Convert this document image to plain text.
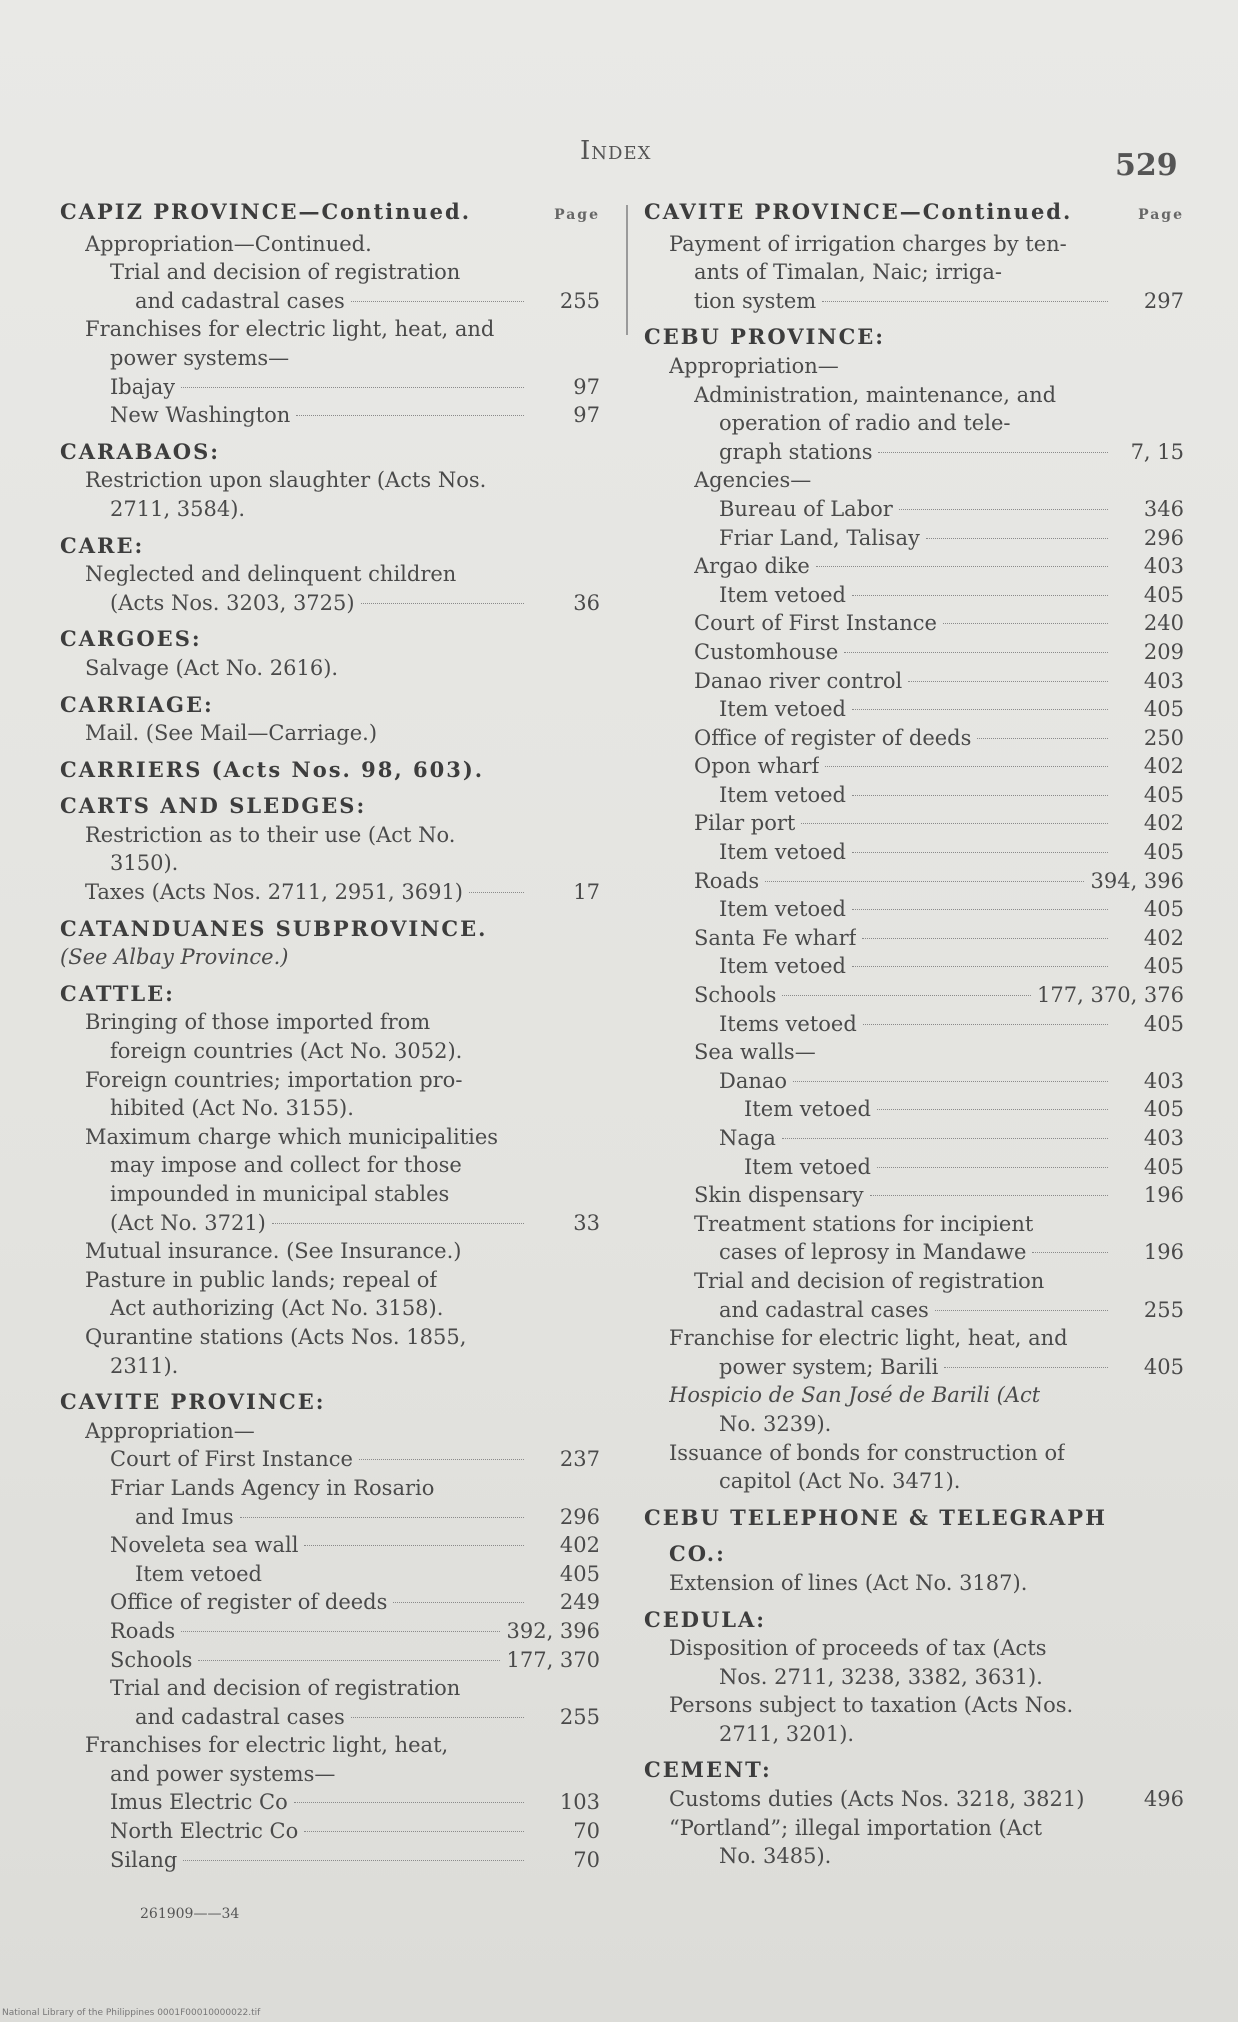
Index	529
CAPIZ PROVINCE—Continued.	Page
Appropriation—Continued.
Trial and decision of registration
and cadastral cases	255
Franchises for electric light, heat, and
power systems—
Ibajay	97
New Washington	97
CARABAOS:
Restriction upon slaughter (Acts Nos.
2711, 3584).
CARE:
Neglected and delinquent children
(Acts Nos. 3203, 3725)	36
CARGOES:
Salvage (Act No. 2616).
CARRIAGE:
Mail. (See Mail—Carriage.)
CARRIERS (Acts Nos. 98, 603).
CARTS AND SLEDGES:
Restriction as to their use (Act No.
3150).
Taxes (Acts Nos. 2711, 2951, 3691)	17
CATANDUANES SUBPROVINCE.
(See Albay Province.)
CATTLE:
Bringing of those imported from
foreign countries (Act No. 3052).
Foreign countries; importation pro-
hibited (Act No. 3155).
Maximum charge which municipalities
may impose and collect for those
impounded in municipal stables
(Act No. 3721)	33
Mutual insurance. (See Insurance.)
Pasture in public lands; repeal of
Act authorizing (Act No. 3158).
Qurantine stations (Acts Nos. 1855,
2311).
CAVITE PROVINCE:
Appropriation—
Court of First Instance	237
Friar Lands Agency in Rosario
and Imus	296
Noveleta sea wall	402
Item vetoed	405
Office of register of deeds	249
Roads	392, 396
Schools	177, 370
Trial and decision of registration
and cadastral cases	255
Franchises for electric light, heat,
and power systems—
Imus Electric Co	103
North Electric Co	70
Silang	70
CAVITE PROVINCE—Continued.	Page
Payment of irrigation charges by ten-
ants of Timalan, Naic; irriga-
tion system	297
CEBU PROVINCE:
Appropriation—
Administration, maintenance, and
operation of radio and tele-
graph stations	7, 15
Agencies—
Bureau of Labor	346
Friar Land, Talisay	296
Argao dike	403
Item vetoed	405
Court of First Instance	240
Customhouse	209
Danao river control	403
Item vetoed	405
Office of register of deeds	250
Opon wharf	402
Item vetoed	405
Pilar port	402
Item vetoed	405
Roads	394, 396
Item vetoed	405
Santa Fe wharf	402
Item vetoed	405
Schools	177, 370, 376
Items vetoed	405
Sea walls—
Danao	403
Item vetoed	405
Naga	403
Item vetoed	405
Skin dispensary	196
Treatment stations for incipient
cases of leprosy in Mandawe	196
Trial and decision of registration
and cadastral cases	255
Franchise for electric light, heat, and
power system; Barili	405
Hospicio de San José de Barili (Act
No. 3239).
Issuance of bonds for construction of
capitol (Act No. 3471).
CEBU TELEPHONE & TELEGRAPH
CO.:
Extension of lines (Act No. 3187).
CEDULA:
Disposition of proceeds of tax (Acts
Nos. 2711, 3238, 3382, 3631).
Persons subject to taxation (Acts Nos.
2711, 3201).
CEMENT:
Customs duties (Acts Nos. 3218, 3821)	496
“Portland”; illegal importation (Act
No. 3485).
261909——34
National Library of the Philippines 0001F00010000022.tif
